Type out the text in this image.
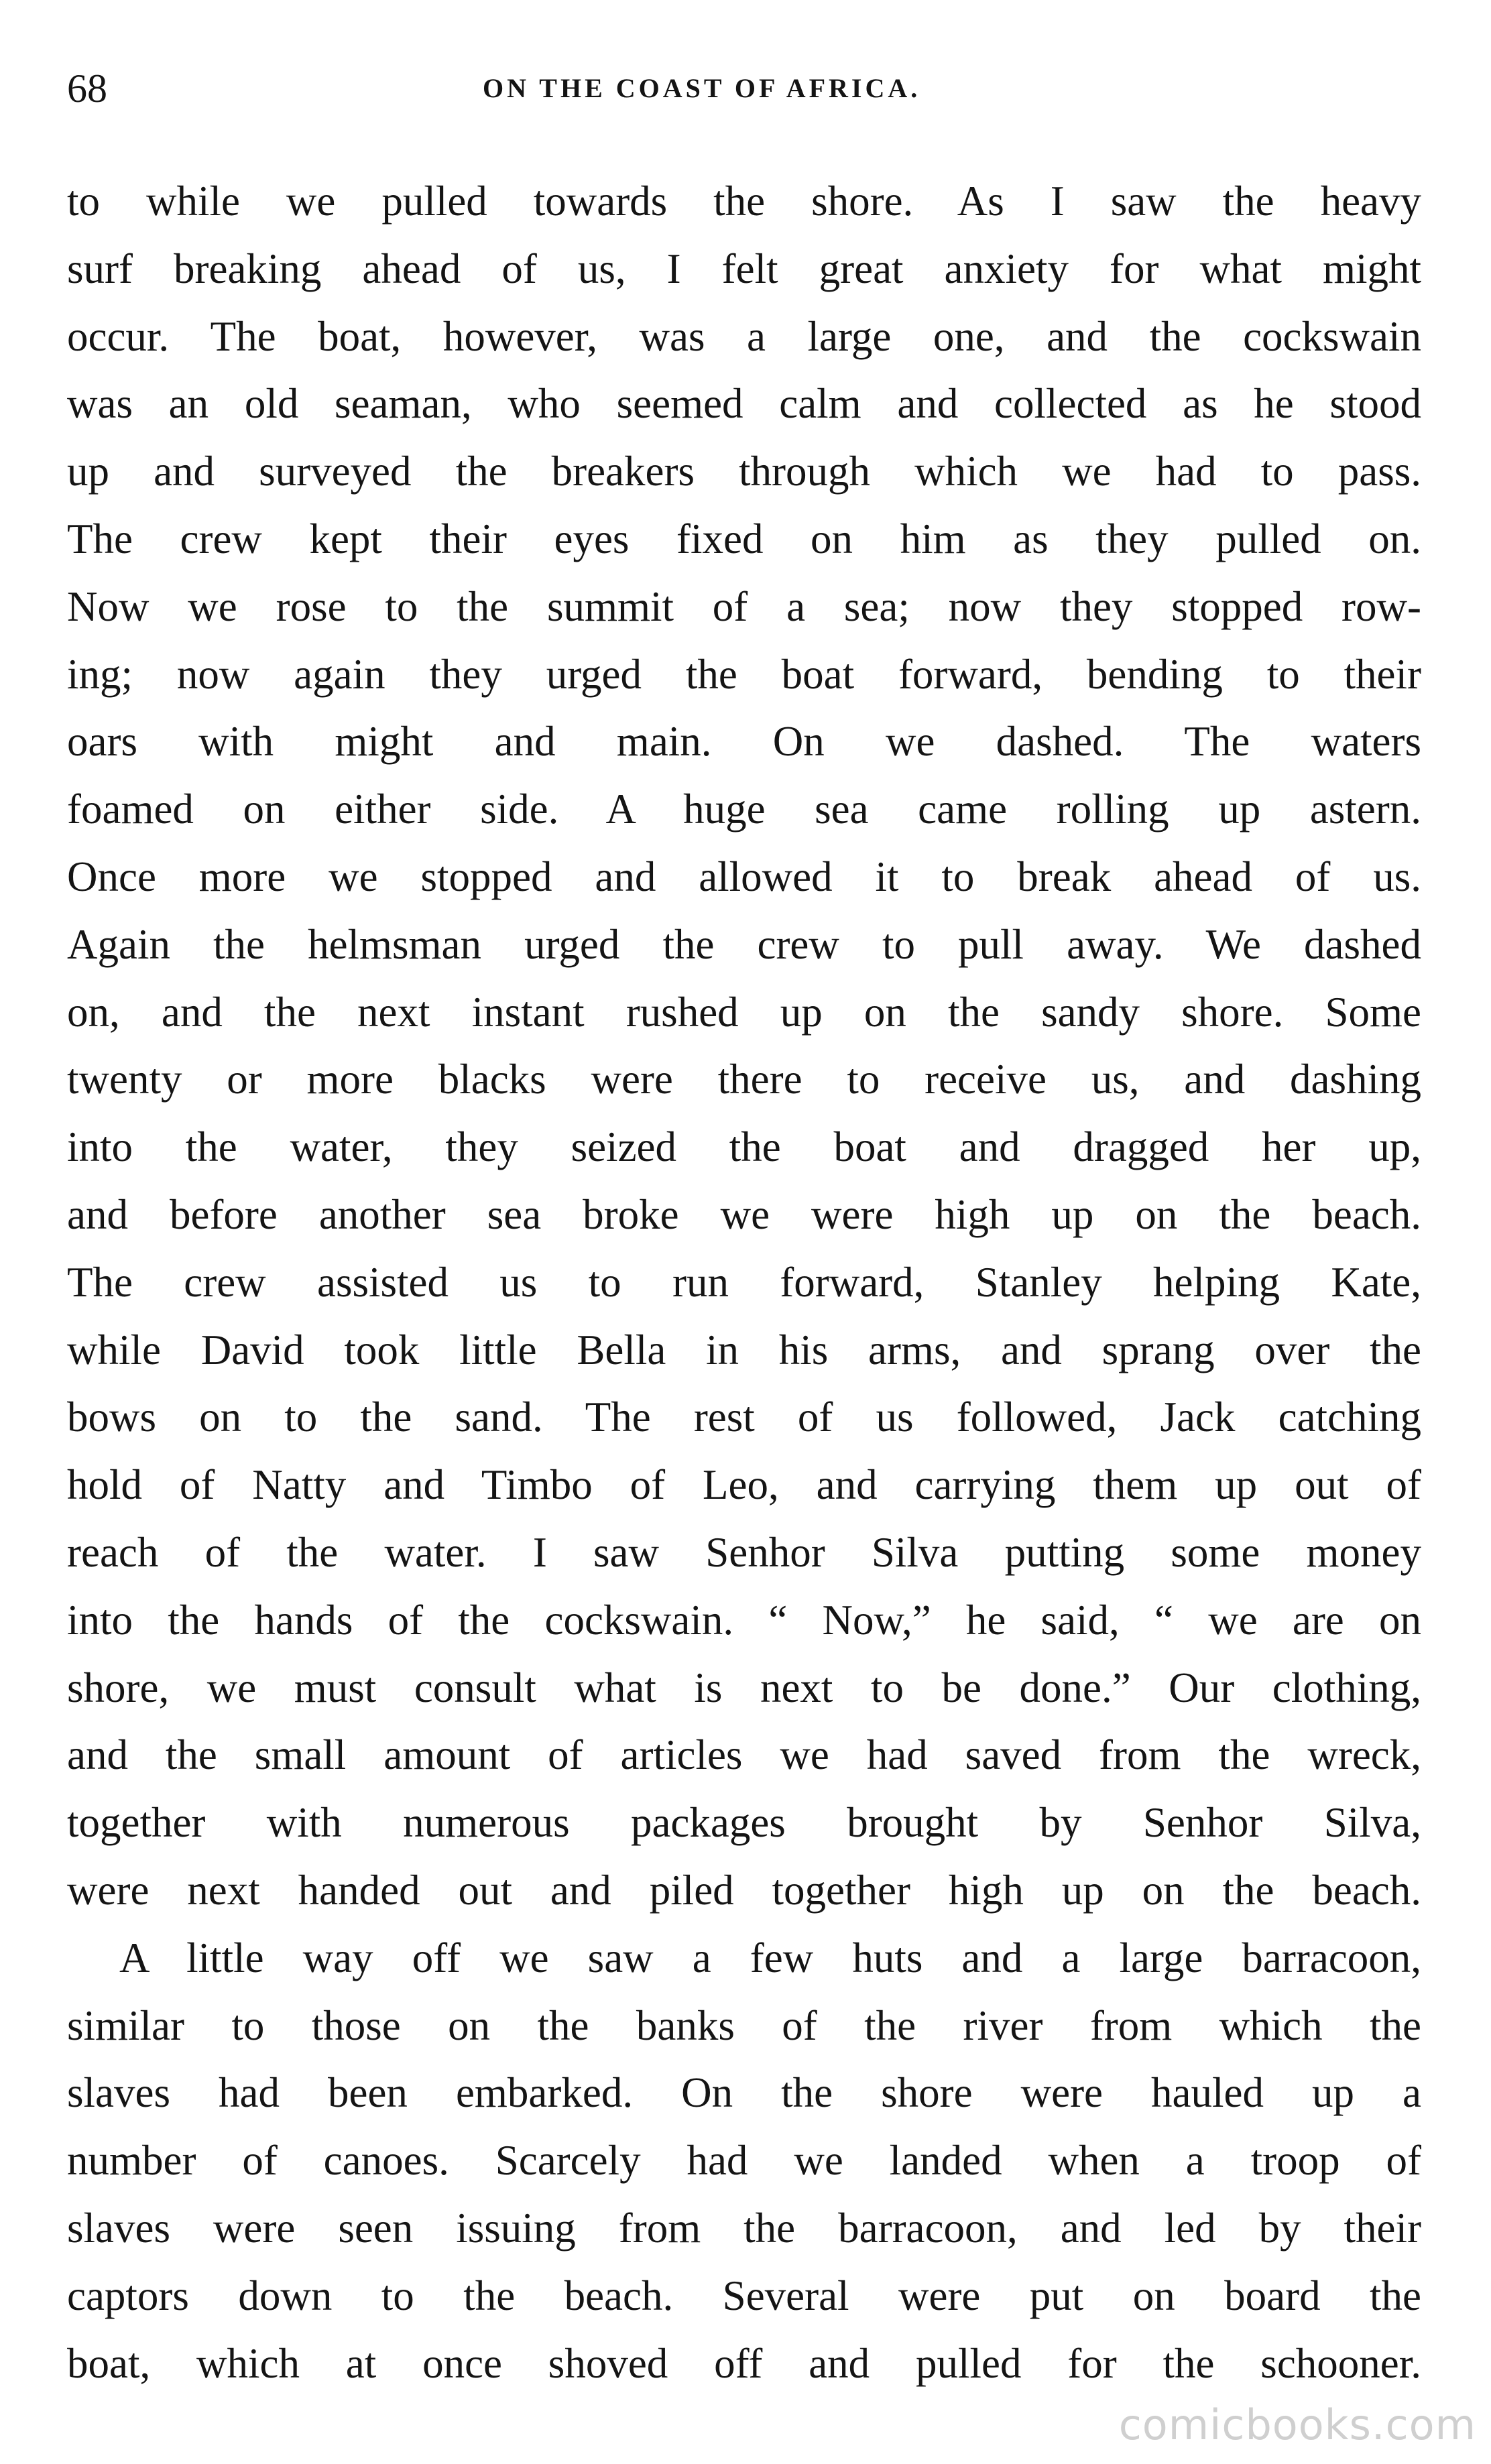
68	ON THE COAST OF AFRICA.
to while we pulled towards the shore. As I saw the heavy
surf breaking ahead of us, I felt great anxiety for what might
occur. The boat, however, was a large one, and the cockswain
was an old seaman, who seemed calm and collected as he stood
up and surveyed the breakers through which we had to pass.
The crew kept their eyes fixed on him as they pulled on.
Now we rose to the summit of a sea; now they stopped row-
ing; now again they urged the boat forward, bending to their
oars with might and main. On we dashed. The waters
foamed on either side. A huge sea came rolling up astern.
Once more we stopped and allowed it to break ahead of us.
Again the helmsman urged the crew to pull away. We dashed
on, and the next instant rushed up on the sandy shore. Some
twenty or more blacks were there to receive us, and dashing
into the water, they seized the boat and dragged her up,
and before another sea broke we were high up on the beach.
The crew assisted us to run forward, Stanley helping Kate,
while David took little Bella in his arms, and sprang over the
bows on to the sand. The rest of us followed, Jack catching
hold of Natty and Timbo of Leo, and carrying them up out of
reach of the water. I saw Senhor Silva putting some money
into the hands of the cockswain. “ Now,” he said, “ we are on
shore, we must consult what is next to be done.” Our clothing,
and the small amount of articles we had saved from the wreck,
together with numerous packages brought by Senhor Silva,
were next handed out and piled together high up on the beach.
A little way off we saw a few huts and a large barracoon,
similar to those on the banks of the river from which the
slaves had been embarked. On the shore were hauled up a
number of canoes. Scarcely had we landed when a troop of
slaves were seen issuing from the barracoon, and led by their
captors down to the beach. Several were put on board the
boat, which at once shoved off and pulled for the schooner.
comicbooks.com
